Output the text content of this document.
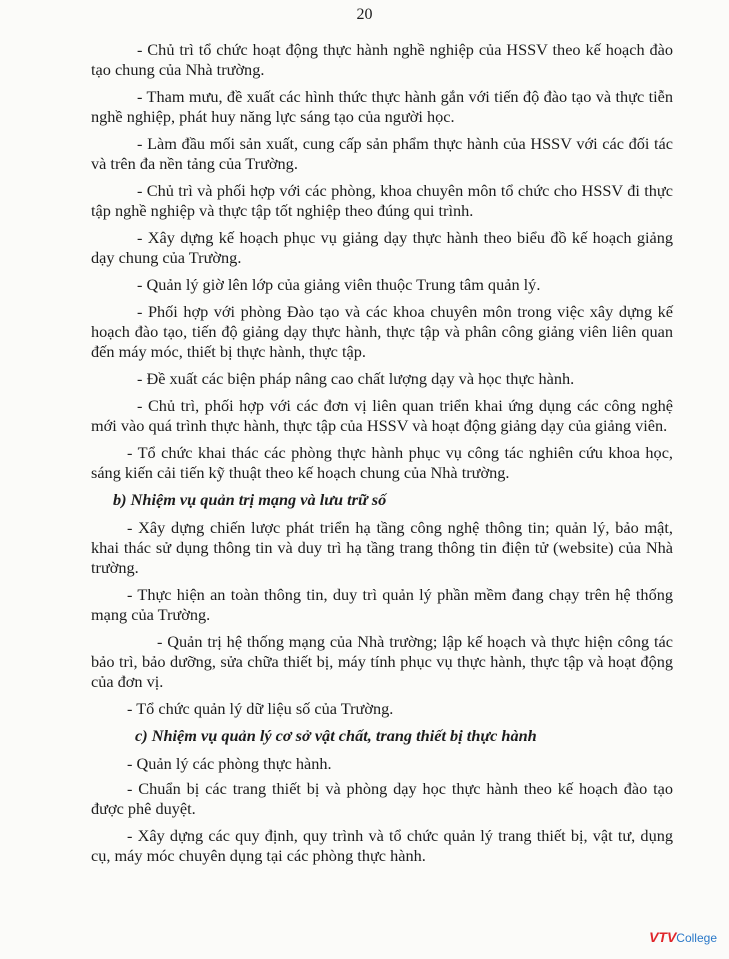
20

- Chủ trì tổ chức hoạt động thực hành nghề nghiệp của HSSV theo kế hoạch đào tạo chung của Nhà trường.

- Tham mưu, đề xuất các hình thức thực hành gắn với tiến độ đào tạo và thực tiễn nghề nghiệp, phát huy năng lực sáng tạo của người học.

- Làm đầu mối sản xuất, cung cấp sản phẩm thực hành của HSSV với các đối tác và trên đa nền tảng của Trường.

- Chủ trì và phối hợp với các phòng, khoa chuyên môn tổ chức cho HSSV đi thực tập nghề nghiệp và thực tập tốt nghiệp theo đúng qui trình.

- Xây dựng kế hoạch phục vụ giảng dạy thực hành theo biểu đồ kế hoạch giảng dạy chung của Trường.

- Quản lý giờ lên lớp của giảng viên thuộc Trung tâm quản lý.

- Phối hợp với phòng Đào tạo và các khoa chuyên môn trong việc xây dựng kế hoạch đào tạo, tiến độ giảng dạy thực hành, thực tập và phân công giảng viên liên quan đến máy móc, thiết bị thực hành, thực tập.

- Đề xuất các biện pháp nâng cao chất lượng dạy và học thực hành.

- Chủ trì, phối hợp với các đơn vị liên quan triển khai ứng dụng các công nghệ mới vào quá trình thực hành, thực tập của HSSV và hoạt động giảng dạy của giảng viên.

- Tổ chức khai thác các phòng thực hành phục vụ công tác nghiên cứu khoa học, sáng kiến cải tiến kỹ thuật theo kế hoạch chung của Nhà trường.

b) Nhiệm vụ quản trị mạng và lưu trữ số

- Xây dựng chiến lược phát triển hạ tầng công nghệ thông tin; quản lý, bảo mật, khai thác sử dụng thông tin và duy trì hạ tầng trang thông tin điện tử (website) của Nhà trường.

- Thực hiện an toàn thông tin, duy trì quản lý phần mềm đang chạy trên hệ thống mạng của Trường.

- Quản trị hệ thống mạng của Nhà trường; lập kế hoạch và thực hiện công tác bảo trì, bảo dưỡng, sửa chữa thiết bị, máy tính phục vụ thực hành, thực tập và hoạt động của đơn vị.

- Tổ chức quản lý dữ liệu số của Trường.

c) Nhiệm vụ quản lý cơ sở vật chất, trang thiết bị thực hành

- Quản lý các phòng thực hành.

- Chuẩn bị các trang thiết bị và phòng dạy học thực hành theo kế hoạch đào tạo được phê duyệt.

- Xây dựng các quy định, quy trình và tổ chức quản lý trang thiết bị, vật tư, dụng cụ, máy móc chuyên dụng tại các phòng thực hành.

VTV College
